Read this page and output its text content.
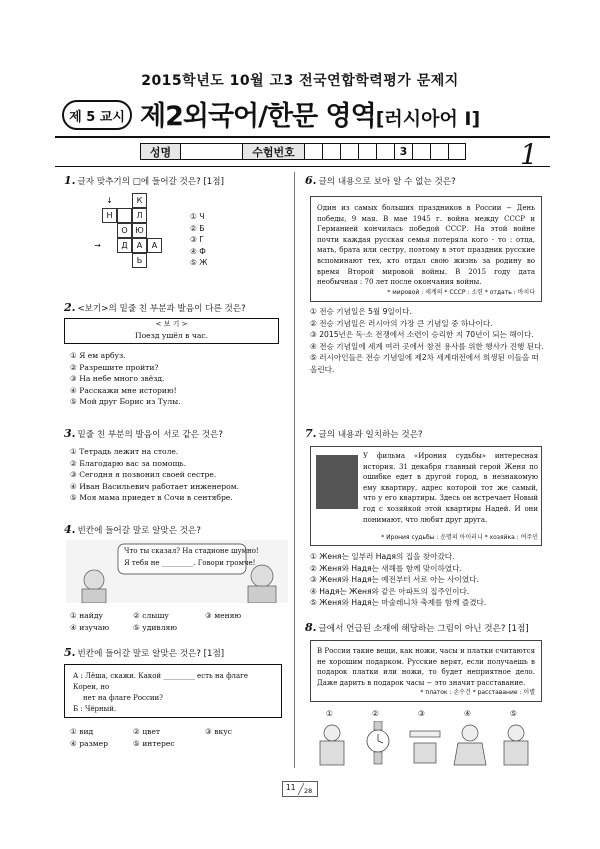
2015학년도 10월 고3 전국연합학력평가 문제지
제 5 교시 제2외국어/한문 영역[러시아어 Ⅰ]
성명	수험번호	3	1
1. 글자 맞추기의 □에 들어갈 것은? [1점]
К
Н	Л
О Ю
Д	А	А
Ь
↓
→
① Ч
② Б
③ Г
④ Ф
⑤ Ж
2. <보기>의 밑줄 친 부분과 발음이 다른 것은?
< 보 기 >
Поезд ушёл в час.
① Я ем арбуз.
② Разрешите пройти?
③ На небе много звёзд.
④ Расскажи мне историю!
⑤ Мой друг Борис из Тулы.
3. 밑줄 친 부분의 발음이 서로 같은 것은?
① Тетрадь лежит на столе.
② Благодарю вас за помощь.
③ Сегодня я позвонил своей сестре.
④ Иван Васильевич работает инженером.
⑤ Моя мама приедет в Сочи в сентябре.
4. 빈칸에 들어갈 말로 알맞은 것은?
Что ты сказал? На стадионе шумно!
Я тебя не _________. Говори громче!
① найду	② слышу	③ меняю
④ изучаю	⑤ удивляю
5. 빈칸에 들어갈 말로 알맞은 것은? [1점]
А : Лёша, скажи. Какой _________ есть на флаге Кореи, но
нет на флаге России?
Б : Чёрный.
① вид	② цвет	③ вкус
④ размер	⑤ интерес
6. 글의 내용으로 보아 알 수 없는 것은?
Один из самых больших праздников в России − День победы, 9 мая. В мае 1945 г. война между СССР и Германией кончилась победой СССР. На этой войне почти каждая русская семья потеряла кого - то : отца, мать, брата или сестру, поэтому в этот праздник русские вспоминают тех, кто отдал свою жизнь за родину во время Второй мировой войны. В 2015 году дата необычная : 70 лет после окончания войны.
* мировой : 세계의 * СССР : 소련 * отдать : 바치다
① 전승 기념일은 5월 9일이다.
② 전승 기념일은 러시아의 가장 큰 기념일 중 하나이다.
③ 2015년은 독·소 전쟁에서 소련이 승리한 지 70년이 되는 해이다.
④ 전승 기념일에 세계 여러 곳에서 참전 용사를 위한 행사가 진행 된다.
⑤ 러시아인들은 전승 기념일에 제2차 세계대전에서 희생된 이들을 떠올린다.
7. 글의 내용과 일치하는 것은?
У фильма «Ирония судьбы» интересная история. 31 декабря главный герой Женя по ошибке едет в другой город, в незнакомую ему квартиру, адрес которой тот же самый, что у его квартиры. Здесь он встречает Новый год с хозяйкой этой квартиры Надей. И они понимают, что любят друг друга.
* Ирония судьбы : 운명의 아이러니 * хозяйка : 여주인
① Женя는 일부러 Надя의 집을 찾아갔다.
② Женя와 Надя는 새해를 함께 맞이하였다.
③ Женя와 Надя는 예전부터 서로 아는 사이였다.
④ Надя는 Женя와 같은 아파트의 집주인이다.
⑤ Женя와 Надя는 마술레니차 축제를 함께 즐겼다.
8. 글에서 언급된 소재에 해당하는 그림이 아닌 것은? [1점]
В России такие вещи, как ножи, часы и платки считаются не хорошим подарком. Русские верят, если получаешь в подарок платки или ножи, то будет неприятное дело. Даже дарить в подарок часы − это значит расставание.
* платок : 손수건 * расставание : 이별
①	②	③	④	⑤
11 28
